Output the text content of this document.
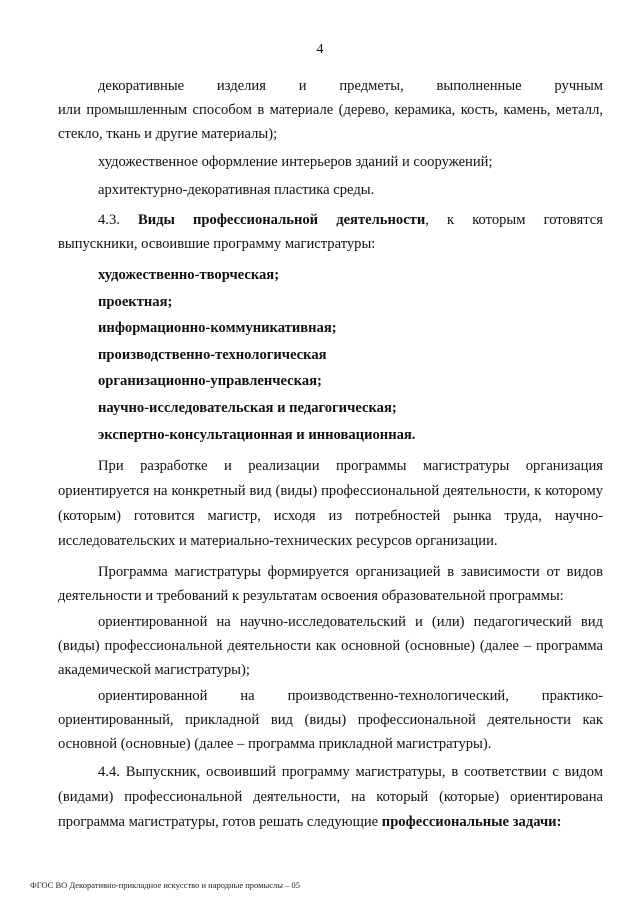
4
декоративные изделия и предметы, выполненные ручным
или промышленным способом в материале (дерево, керамика, кость, камень, металл,
стекло, ткань и другие материалы);
художественное оформление интерьеров зданий и сооружений;
архитектурно-декоративная пластика среды.
4.3. Виды профессиональной деятельности, к которым готовятся
выпускники, освоившие программу магистратуры:
художественно-творческая;
проектная;
информационно-коммуникативная;
производственно-технологическая
организационно-управленческая;
научно-исследовательская и педагогическая;
экспертно-консультационная и инновационная.

При разработке и реализации программы магистратуры организация ориентируется на конкретный вид (виды) профессиональной деятельности, к которому (которым) готовится магистр, исходя из потребностей рынка труда, научно-исследовательских и материально-технических ресурсов организации.

Программа магистратуры формируется организацией в зависимости от видов деятельности и требований к результатам освоения образовательной программы:

ориентированной на научно-исследовательский и (или) педагогический вид (виды) профессиональной деятельности как основной (основные) (далее – программа академической магистратуры);

ориентированной на производственно-технологический, практико-ориентированный, прикладной вид (виды) профессиональной деятельности как основной (основные) (далее – программа прикладной магистратуры).

4.4. Выпускник, освоивший программу магистратуры, в соответствии с видом (видами) профессиональной деятельности, на который (которые) ориентирована программа магистратуры, готов решать следующие профессиональные задачи:

ФГОС ВО Декоративно-прикладное искусство и народные промыслы – 05
